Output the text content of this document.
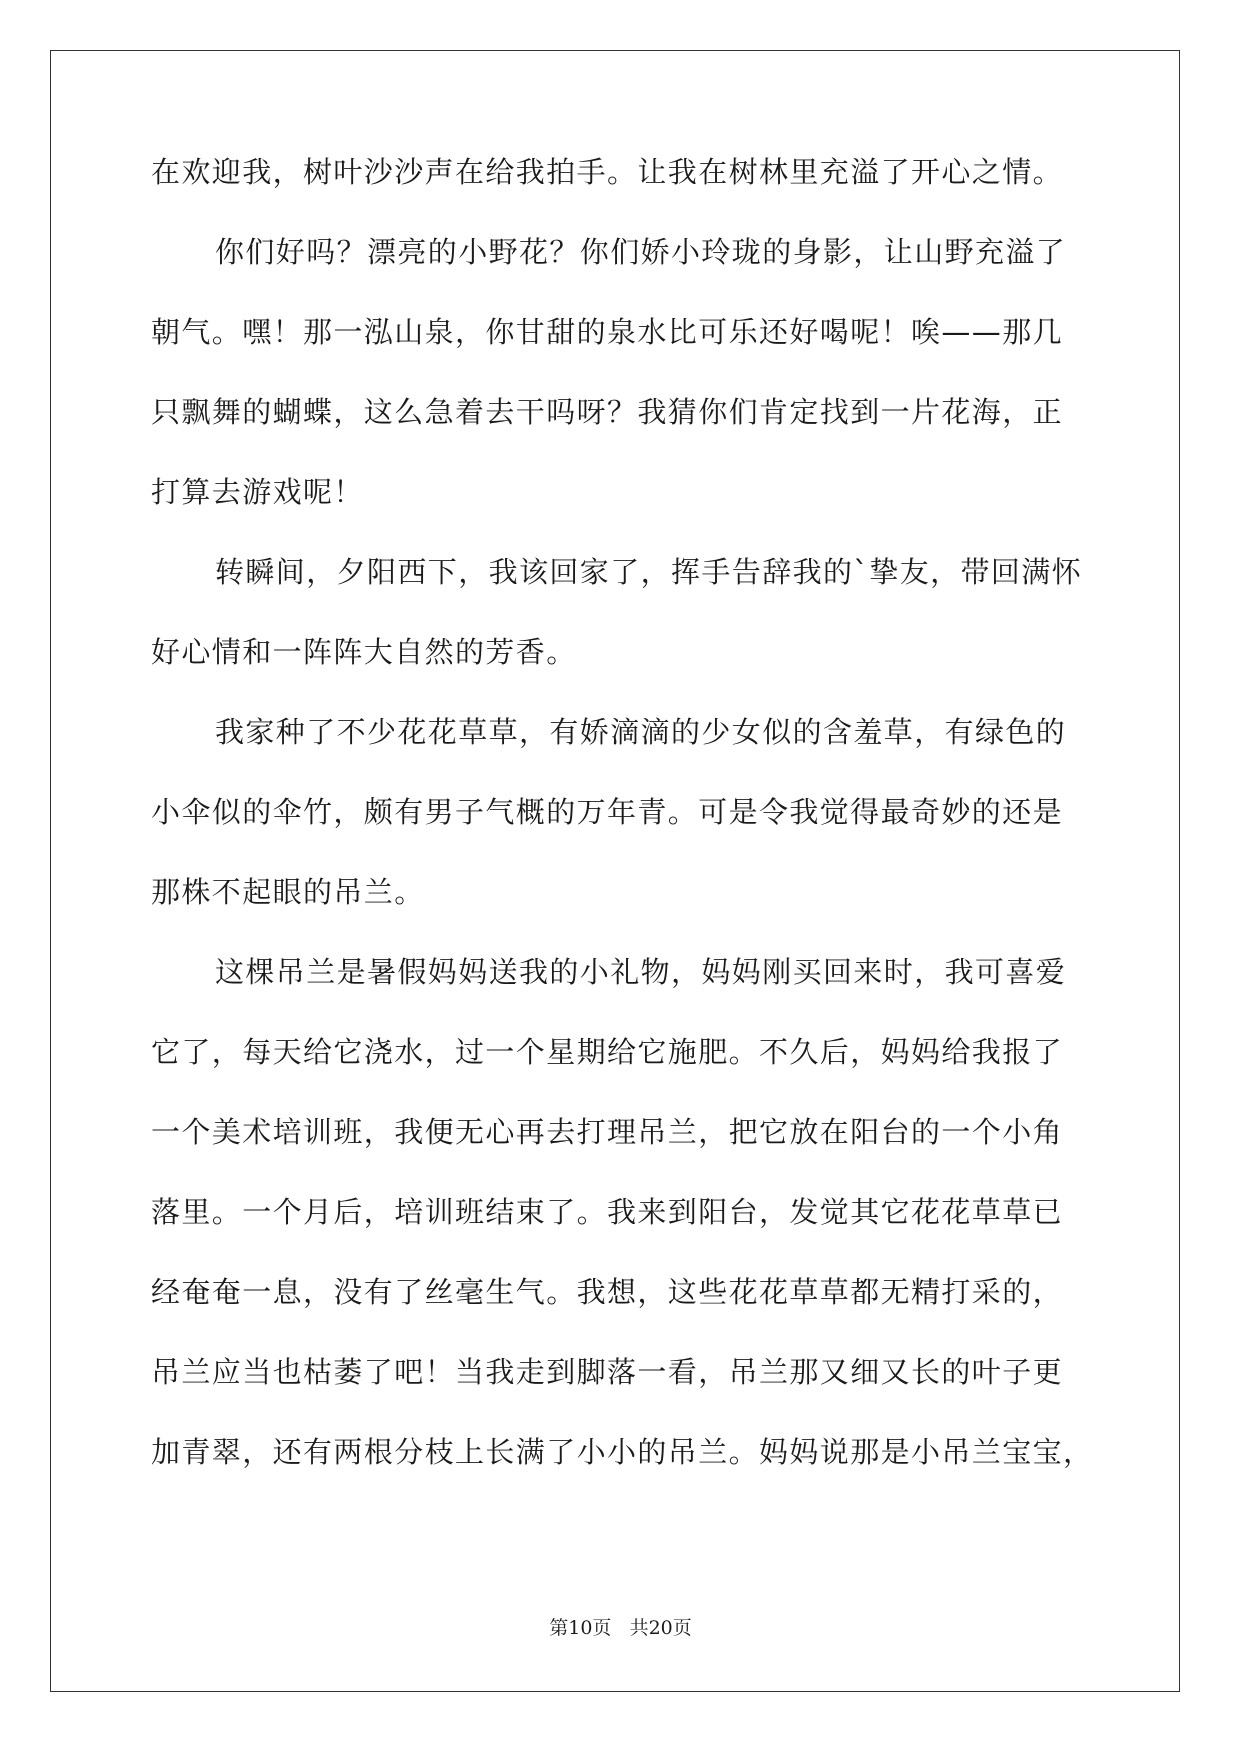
在欢迎我，树叶沙沙声在给我拍手。让我在树林里充溢了开心之情。
你们好吗？漂亮的小野花？你们娇小玲珑的身影，让山野充溢了
朝气。嘿！那一泓山泉，你甘甜的泉水比可乐还好喝呢！唉——那几
只飘舞的蝴蝶，这么急着去干吗呀？我猜你们肯定找到一片花海，正
打算去游戏呢！
转瞬间，夕阳西下，我该回家了，挥手告辞我的`挚友，带回满怀
好心情和一阵阵大自然的芳香。
我家种了不少花花草草，有娇滴滴的少女似的含羞草，有绿色的
小伞似的伞竹，颇有男子气概的万年青。可是令我觉得最奇妙的还是
那株不起眼的吊兰。
这棵吊兰是暑假妈妈送我的小礼物，妈妈刚买回来时，我可喜爱
它了，每天给它浇水，过一个星期给它施肥。不久后，妈妈给我报了
一个美术培训班，我便无心再去打理吊兰，把它放在阳台的一个小角
落里。一个月后，培训班结束了。我来到阳台，发觉其它花花草草已
经奄奄一息，没有了丝毫生气。我想，这些花花草草都无精打采的，
吊兰应当也枯萎了吧！当我走到脚落一看，吊兰那又细又长的叶子更
加青翠，还有两根分枝上长满了小小的吊兰。妈妈说那是小吊兰宝宝，
第10页 共20页
